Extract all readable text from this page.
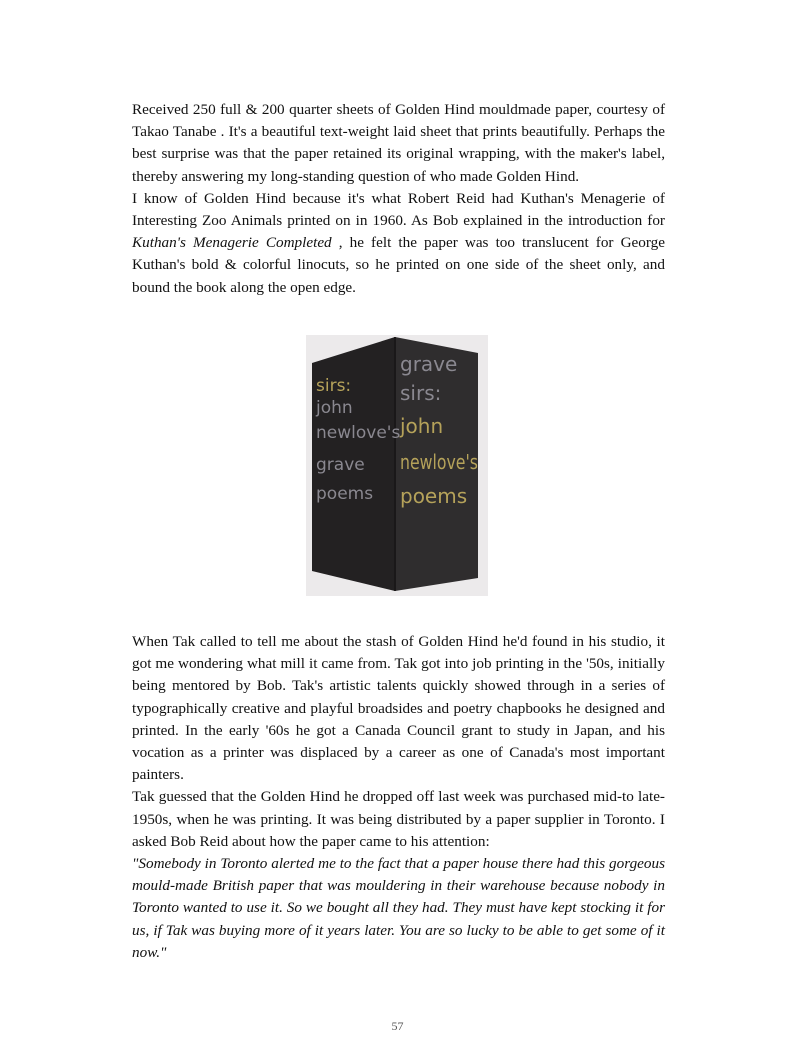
Received 250 full & 200 quarter sheets of Golden Hind mouldmade paper, courtesy of Takao Tanabe . It's a beautiful text-weight laid sheet that prints beautifully. Perhaps the best surprise was that the paper retained its original wrapping, with the maker's label, thereby answering my long-standing question of who made Golden Hind.

I know of Golden Hind because it's what Robert Reid had Kuthan's Menagerie of Interesting Zoo Animals printed on in 1960. As Bob explained in the introduction for Kuthan's Menagerie Completed , he felt the paper was too translucent for George Kuthan's bold & colorful linocuts, so he printed on one side of the sheet only, and bound the book along the open edge.

sirs:
john
newlove's
grave
poems
grave
sirs:
john
newlove's
poems

When Tak called to tell me about the stash of Golden Hind he'd found in his studio, it got me wondering what mill it came from. Tak got into job printing in the '50s, initially being mentored by Bob. Tak's artistic talents quickly showed through in a series of typographically creative and playful broadsides and poetry chapbooks he designed and printed. In the early '60s he got a Canada Council grant to study in Japan, and his vocation as a printer was displaced by a career as one of Canada's most important painters.

Tak guessed that the Golden Hind he dropped off last week was purchased mid-to late-1950s, when he was printing. It was being distributed by a paper supplier in Toronto. I asked Bob Reid about how the paper came to his attention:

"Somebody in Toronto alerted me to the fact that a paper house there had this gorgeous mould-made British paper that was mouldering in their warehouse because nobody in Toronto wanted to use it. So we bought all they had. They must have kept stocking it for us, if Tak was buying more of it years later. You are so lucky to be able to get some of it now."

57
